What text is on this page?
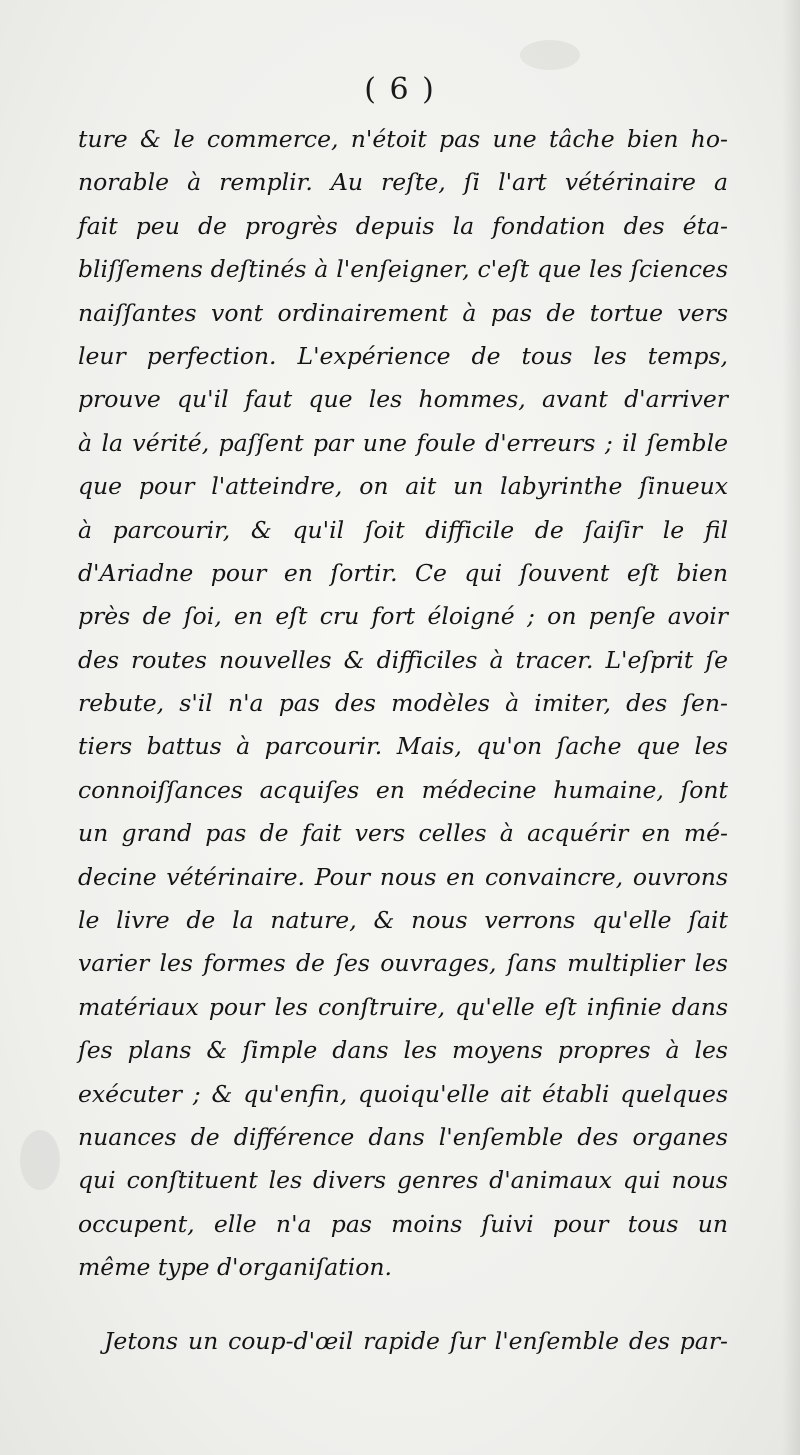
( 6 )
ture & le commerce, n'étoit pas une tâche bien ho-
norable à remplir. Au reſte, ſi l'art vétérinaire a
fait peu de progrès depuis la fondation des éta-
bliſſemens deſtinés à l'enſeigner, c'eſt que les ſciences
naiſſantes vont ordinairement à pas de tortue vers
leur perfection. L'expérience de tous les temps,
prouve qu'il faut que les hommes, avant d'arriver
à la vérité, paſſent par une foule d'erreurs ; il ſemble
que pour l'atteindre, on ait un labyrinthe ſinueux
à parcourir, & qu'il ſoit difficile de ſaiſir le fil
d'Ariadne pour en ſortir. Ce qui ſouvent eſt bien
près de ſoi, en eſt cru fort éloigné ; on penſe avoir
des routes nouvelles & difficiles à tracer. L'eſprit ſe
rebute, s'il n'a pas des modèles à imiter, des ſen-
tiers battus à parcourir. Mais, qu'on ſache que les
connoiſſances acquiſes en médecine humaine, ſont
un grand pas de fait vers celles à acquérir en mé-
decine vétérinaire. Pour nous en convaincre, ouvrons
le livre de la nature, & nous verrons qu'elle ſait
varier les formes de ſes ouvrages, ſans multiplier les
matériaux pour les conſtruire, qu'elle eſt infinie dans
ſes plans & ſimple dans les moyens propres à les
exécuter ; & qu'enfin, quoiqu'elle ait établi quelques
nuances de différence dans l'enſemble des organes
qui conſtituent les divers genres d'animaux qui nous
occupent, elle n'a pas moins ſuivi pour tous un
même type d'organiſation.
Jetons un coup-d'œil rapide ſur l'enſemble des par-
